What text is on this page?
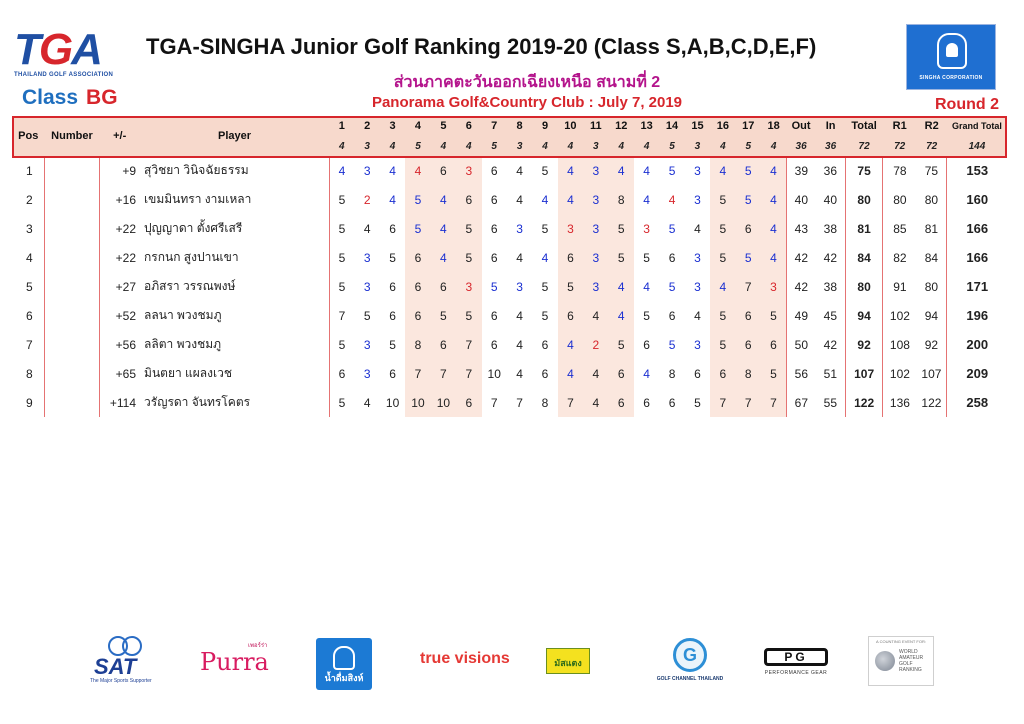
TGA
THAILAND GOLF ASSOCIATION
Class BG
TGA-SINGHA Junior Golf Ranking 2019-20 (Class S,A,B,C,D,E,F)
ส่วนภาคตะวันออกเฉียงเหนือ สนามที่ 2
Panorama Golf&Country Club : July 7, 2019	Round 2
SINGHA CORPORATION
Pos	Number	+/-	Player	1	2	3	4	5	6	7	8	9	10	11	12	13	14	15	16	17	18	Out	In	Total	R1	R2	Grand Total
				4	3	4	5	4	4	5	3	4	4	3	4	4	5	3	4	5	4	36	36	72	72	72	144
1		+9	สุวิชยา วินิจฉัยธรรม	4	3	4	4	6	3	6	4	5	4	3	4	4	5	3	4	5	4	39	36	75	78	75	153
2		+16	เขมมินทรา งามเหลา	5	2	4	5	4	6	6	4	4	4	3	8	4	4	3	5	5	4	40	40	80	80	80	160
3		+22	ปุญญาดา ตั้งศรีเสรี	5	4	6	5	4	5	6	3	5	3	3	5	3	5	4	5	6	4	43	38	81	85	81	166
4		+22	กรกนก สูงปานเขา	5	3	5	6	4	5	6	4	4	6	3	5	5	6	3	5	5	4	42	42	84	82	84	166
5		+27	อภิสรา วรรณพงษ์	5	3	6	6	6	3	5	3	5	5	3	4	4	5	3	4	7	3	42	38	80	91	80	171
6		+52	ลลนา พวงชมภู	7	5	6	6	5	5	6	4	5	6	4	4	5	6	4	5	6	5	49	45	94	102	94	196
7		+56	ลลิตา พวงชมภู	5	3	5	8	6	7	6	4	6	4	2	5	6	5	3	5	6	6	50	42	92	108	92	200
8		+65	มินตยา แผลงเวช	6	3	6	7	7	7	10	4	6	4	4	6	4	8	6	6	8	5	56	51	107	102	107	209
9		+114	วรัญรดา จันทรโคตร	5	4	10	10	10	6	7	7	8	7	4	6	6	6	5	7	7	7	67	55	122	136	122	258
SAT
The Major Sports Supporter
เพอร์ร่า
Purra
น้ำดื่มสิงห์
true visions	มัสแตง
G
GOLF CHANNEL THAILAND
PG
PERFORMANCE GEAR
A COUNTING EVENT FOR:
WORLD AMATEUR GOLF RANKING
